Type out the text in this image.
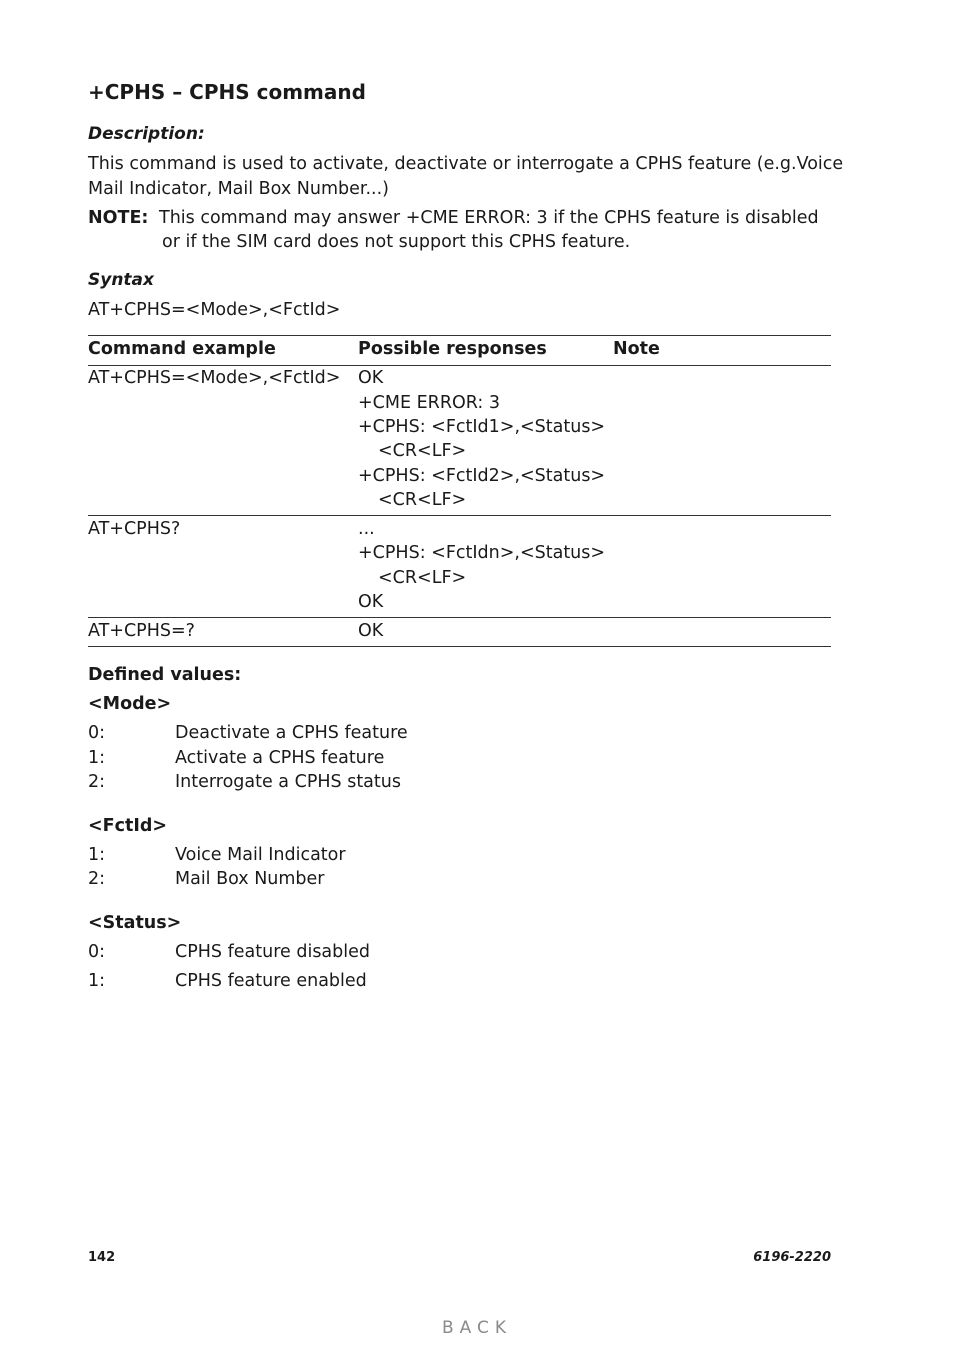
+CPHS – CPHS command
Description:
This command is used to activate, deactivate or interrogate a CPHS feature (e.g.Voice
Mail Indicator, Mail Box Number...)
NOTE: This command may answer +CME ERROR: 3 if the CPHS feature is disabled
or if the SIM card does not support this CPHS feature.
Syntax
AT+CPHS=<Mode>,<FctId>
Command example	Possible responses	Note
AT+CPHS=<Mode>,<FctId> OK
+CME ERROR: 3
+CPHS: <FctId1>,<Status>
<CR<LF>
+CPHS: <FctId2>,<Status>
<CR<LF>
AT+CPHS?	...
+CPHS: <FctIdn>,<Status>
<CR<LF>
OK
AT+CPHS=?	OK
Defined values:
<Mode>
0:	Deactivate a CPHS feature
1:	Activate a CPHS feature
2:	Interrogate a CPHS status
<FctId>
1:	Voice Mail Indicator
2:	Mail Box Number
<Status>
0:	CPHS feature disabled
1:	CPHS feature enabled
142	6196-2220
BACK
